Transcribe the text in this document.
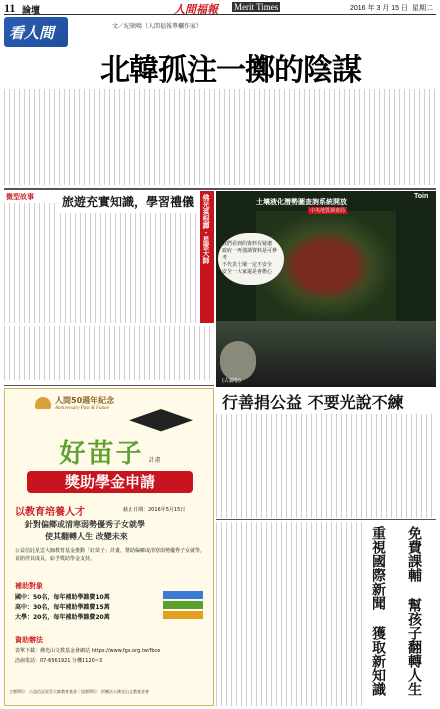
11 論壇	人間福報 Merit Times	2016 年 3 月 15 日 星期二
看人間	文／紀碩鳴（人間福報專欄作家）
北韓孤注一擲的陰謀
微型故事 旅遊充實知識，學習禮儀	佛光菜根譚・星雲大師	土壤液化潛勢圖查詢系統開放
中央地質調查局
Toin
我們看到的資料有疑慮
政府一再強調資料是可參考
不代表土壤一定不安全
安全一大家還是會擔心
(古錦松)
人間50週年紀念
Anniversary Past & Future
好苗子 計畫
獎助學金申請
以教育培養人才	截止日期：2016年5月15日
針對偏鄉或清寒弱勢優秀子女就學
使其翻轉人生 改變未來
公益信託星雲大師教育基金推動「好苗子」計畫，幫助偏鄉或清寒弱勢優秀子女就學，並陪伴其成長，給予獎助學金支持。
補助對象
國中：50名，每年補助學雜費10萬
高中：30名，每年補助學雜費15萬
大學：20名，每年補助學雜費20萬
資助辦法
表單下載：佛光山文教基金會網站 https://www.fgs.org.tw/fbce
洽詢電話：07-6561921 分機1120~3
主辦單位：公益信託星雲大師教育基金｜協辦單位：財團法人佛光山文教基金會
行善捐公益 不要光說不練
重視國際新聞 獲取新知識 免費課輔 幫孩子翻轉人生
